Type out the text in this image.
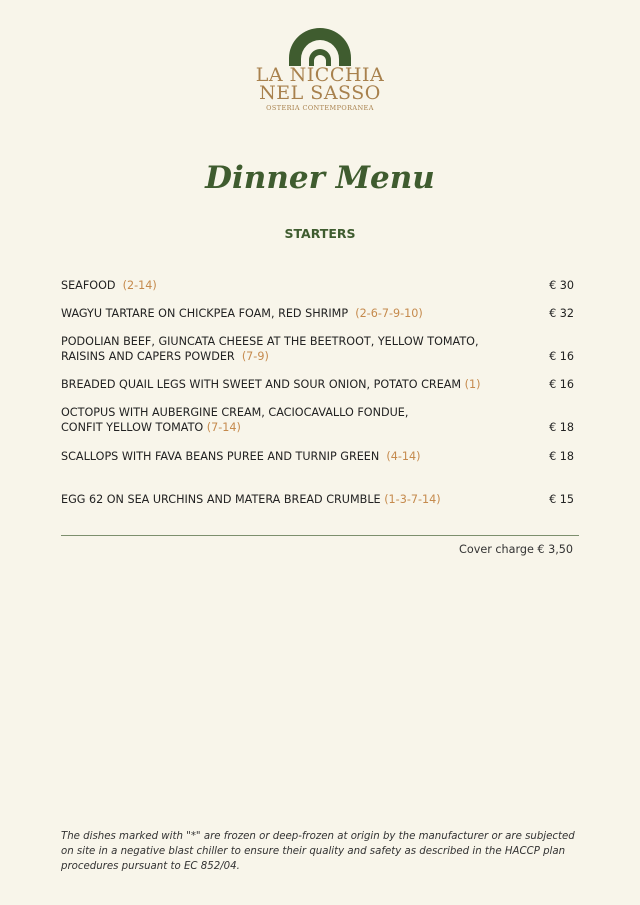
LA NICCHIA
NEL SASSO
OSTERIA CONTEMPORANEA
Dinner Menu
STARTERS
SEAFOOD (2-14)	€ 30
WAGYU TARTARE ON CHICKPEA FOAM, RED SHRIMP (2-6-7-9-10)	€ 32
PODOLIAN BEEF, GIUNCATA CHEESE AT THE BEETROOT, YELLOW TOMATO,
RAISINS AND CAPERS POWDER (7-9)	€ 16
BREADED QUAIL LEGS WITH SWEET AND SOUR ONION, POTATO CREAM (1)	€ 16
OCTOPUS WITH AUBERGINE CREAM, CACIOCAVALLO FONDUE,
CONFIT YELLOW TOMATO (7-14)	€ 18
SCALLOPS WITH FAVA BEANS PUREE AND TURNIP GREEN (4-14)	€ 18
EGG 62 ON SEA URCHINS AND MATERA BREAD CRUMBLE (1-3-7-14)	€ 15
Cover charge € 3,50
The dishes marked with "*" are frozen or deep-frozen at origin by the manufacturer or are subjected on site in a negative blast chiller to ensure their quality and safety as described in the HACCP plan procedures pursuant to EC 852/04.
